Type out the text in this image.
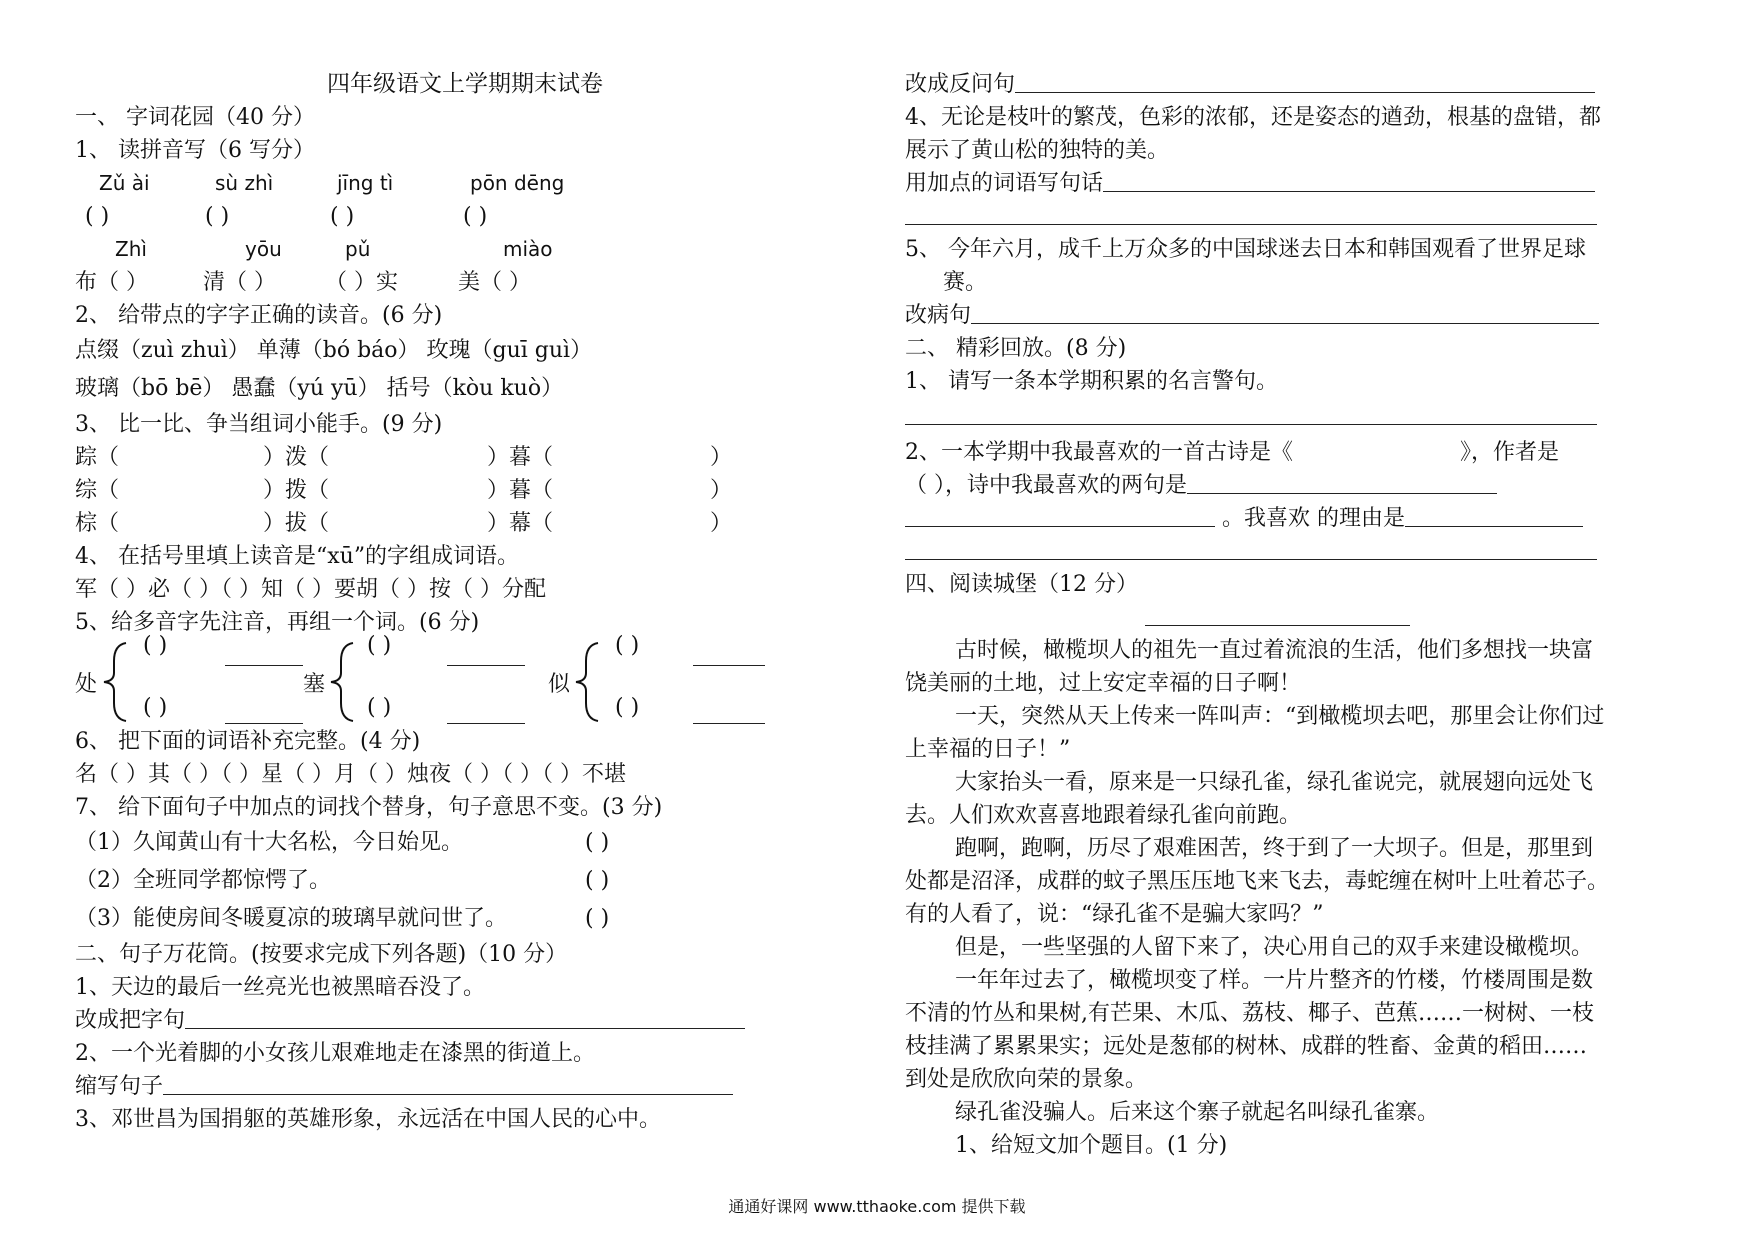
四年级语文上学期期末试卷
一、 字词花园（40 分）
1、 读拼音写（6 写分）
Zǔ ài	sù zhì	jīng tì	pōn dēng
( )	( )	( )	( )
Zhì	yōu	pǔ	miào
布（ ）	清（ ） （ ）实	美（ ）
2、 给带点的字字正确的读音。(6 分)
点缀（zuì zhuì） 单薄（bó báo） 玫瑰（guī guì）
玻璃（bō bē） 愚蠢（yú yū） 括号（kòu kuò）
3、 比一比、争当组词小能手。(9 分)
踪（	）泼（	）暮（	）
综（	）拨（	）暮（	）
棕（	）拔（	）幕（	）
4、 在括号里填上读音是“xū”的字组成词语。
军（ ）必（ ）（ ）知（ ）要胡（ ）按（ ）分配
5、给多音字先注音，再组一个词。(6 分)
处
( )
( )
塞
( )
( )
似
( )
( )
6、 把下面的词语补充完整。(4 分)
名（ ）其（ ）（ ）星（ ）月（ ）烛夜（ ）（ ）（ ）不堪
7、 给下面句子中加点的词找个替身，句子意思不变。(3 分)
（1）久闻黄山有十大名松，今日始见。	( )
（2）全班同学都惊愕了。	( )
（3）能使房间冬暖夏凉的玻璃早就问世了。	( )
二、句子万花筒。(按要求完成下列各题)（10 分）
1、天边的最后一丝亮光也被黑暗吞没了。
改成把字句
2、一个光着脚的小女孩儿艰难地走在漆黑的街道上。
缩写句子
3、邓世昌为国捐躯的英雄形象，永远活在中国人民的心中。
改成反问句
4、无论是枝叶的繁茂，色彩的浓郁，还是姿态的遒劲，根基的盘错，都
展示了黄山松的独特的美。
用加点的词语写句话
5、 今年六月，成千上万众多的中国球迷去日本和韩国观看了世界足球
赛。
改病句
二、 精彩回放。(8 分)
1、 请写一条本学期积累的名言警句。
2、一本学期中我最喜欢的一首古诗是《	》，作者是
（ ），诗中我最喜欢的两句是
。我喜欢 的理由是
四、阅读城堡（12 分）
古时候，橄榄坝人的祖先一直过着流浪的生活，他们多想找一块富
饶美丽的土地，过上安定幸福的日子啊！
一天，突然从天上传来一阵叫声：“到橄榄坝去吧，那里会让你们过
上幸福的日子！”
大家抬头一看，原来是一只绿孔雀，绿孔雀说完，就展翅向远处飞
去。人们欢欢喜喜地跟着绿孔雀向前跑。
跑啊，跑啊，历尽了艰难困苦，终于到了一大坝子。但是，那里到
处都是沼泽，成群的蚊子黑压压地飞来飞去，毒蛇缠在树叶上吐着芯子。
有的人看了，说：“绿孔雀不是骗大家吗？”
但是，一些坚强的人留下来了，决心用自己的双手来建设橄榄坝。
一年年过去了，橄榄坝变了样。一片片整齐的竹楼，竹楼周围是数
不清的竹丛和果树,有芒果、木瓜、荔枝、椰子、芭蕉……一树树、一枝
枝挂满了累累果实；远处是葱郁的树林、成群的牲畜、金黄的稻田……
到处是欣欣向荣的景象。
绿孔雀没骗人。后来这个寨子就起名叫绿孔雀寨。
1、给短文加个题目。(1 分)
通通好课网 www.tthaoke.com 提供下载
